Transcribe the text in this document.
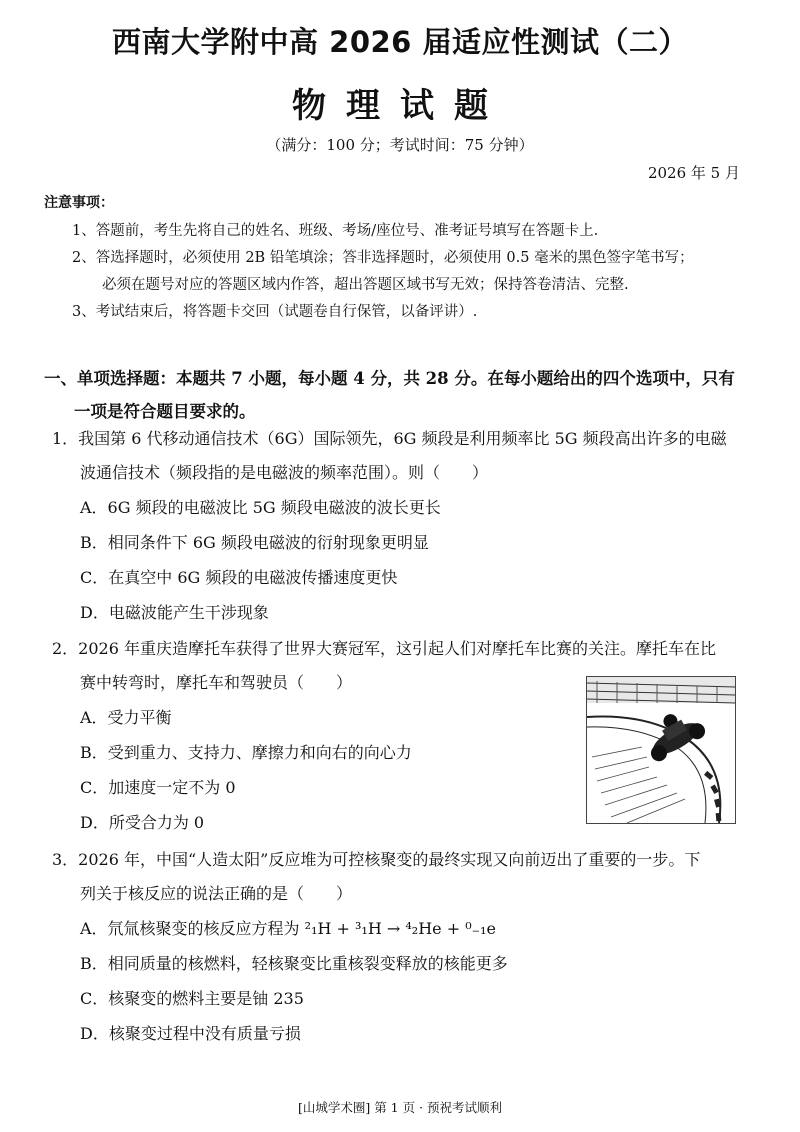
西南大学附中高 2026 届适应性测试（二）
物理试题
（满分：100 分；考试时间：75 分钟）
2026 年 5 月
注意事项：
1、答题前，考生先将自己的姓名、班级、考场/座位号、准考证号填写在答题卡上.
2、答选择题时，必须使用 2B 铅笔填涂；答非选择题时，必须使用 0.5 毫米的黑色签字笔书写；
必须在题号对应的答题区域内作答，超出答题区域书写无效；保持答卷清洁、完整.
3、考试结束后，将答题卡交回（试题卷自行保管，以备评讲）.
一、单项选择题：本题共 7 小题，每小题 4 分，共 28 分。在每小题给出的四个选项中，只有
一项是符合题目要求的。
1．我国第 6 代移动通信技术（6G）国际领先，6G 频段是利用频率比 5G 频段高出许多的电磁
波通信技术（频段指的是电磁波的频率范围）。则（　　）
A．6G 频段的电磁波比 5G 频段电磁波的波长更长
B．相同条件下 6G 频段电磁波的衍射现象更明显
C．在真空中 6G 频段的电磁波传播速度更快
D．电磁波能产生干涉现象
2．2026 年重庆造摩托车获得了世界大赛冠军，这引起人们对摩托车比赛的关注。摩托车在比
赛中转弯时，摩托车和驾驶员（　　）
A．受力平衡
B．受到重力、支持力、摩擦力和向右的向心力
C．加速度一定不为 0
D．所受合力为 0
3．2026 年，中国“人造太阳”反应堆为可控核聚变的最终实现又向前迈出了重要的一步。下
列关于核反应的说法正确的是（　　）
A．氘氚核聚变的核反应方程为 ²₁H + ³₁H → ⁴₂He + ⁰₋₁e
B．相同质量的核燃料，轻核聚变比重核裂变释放的核能更多
C．核聚变的燃料主要是铀 235
D．核聚变过程中没有质量亏损
[山城学术圈] 第 1 页 · 预祝考试顺利
